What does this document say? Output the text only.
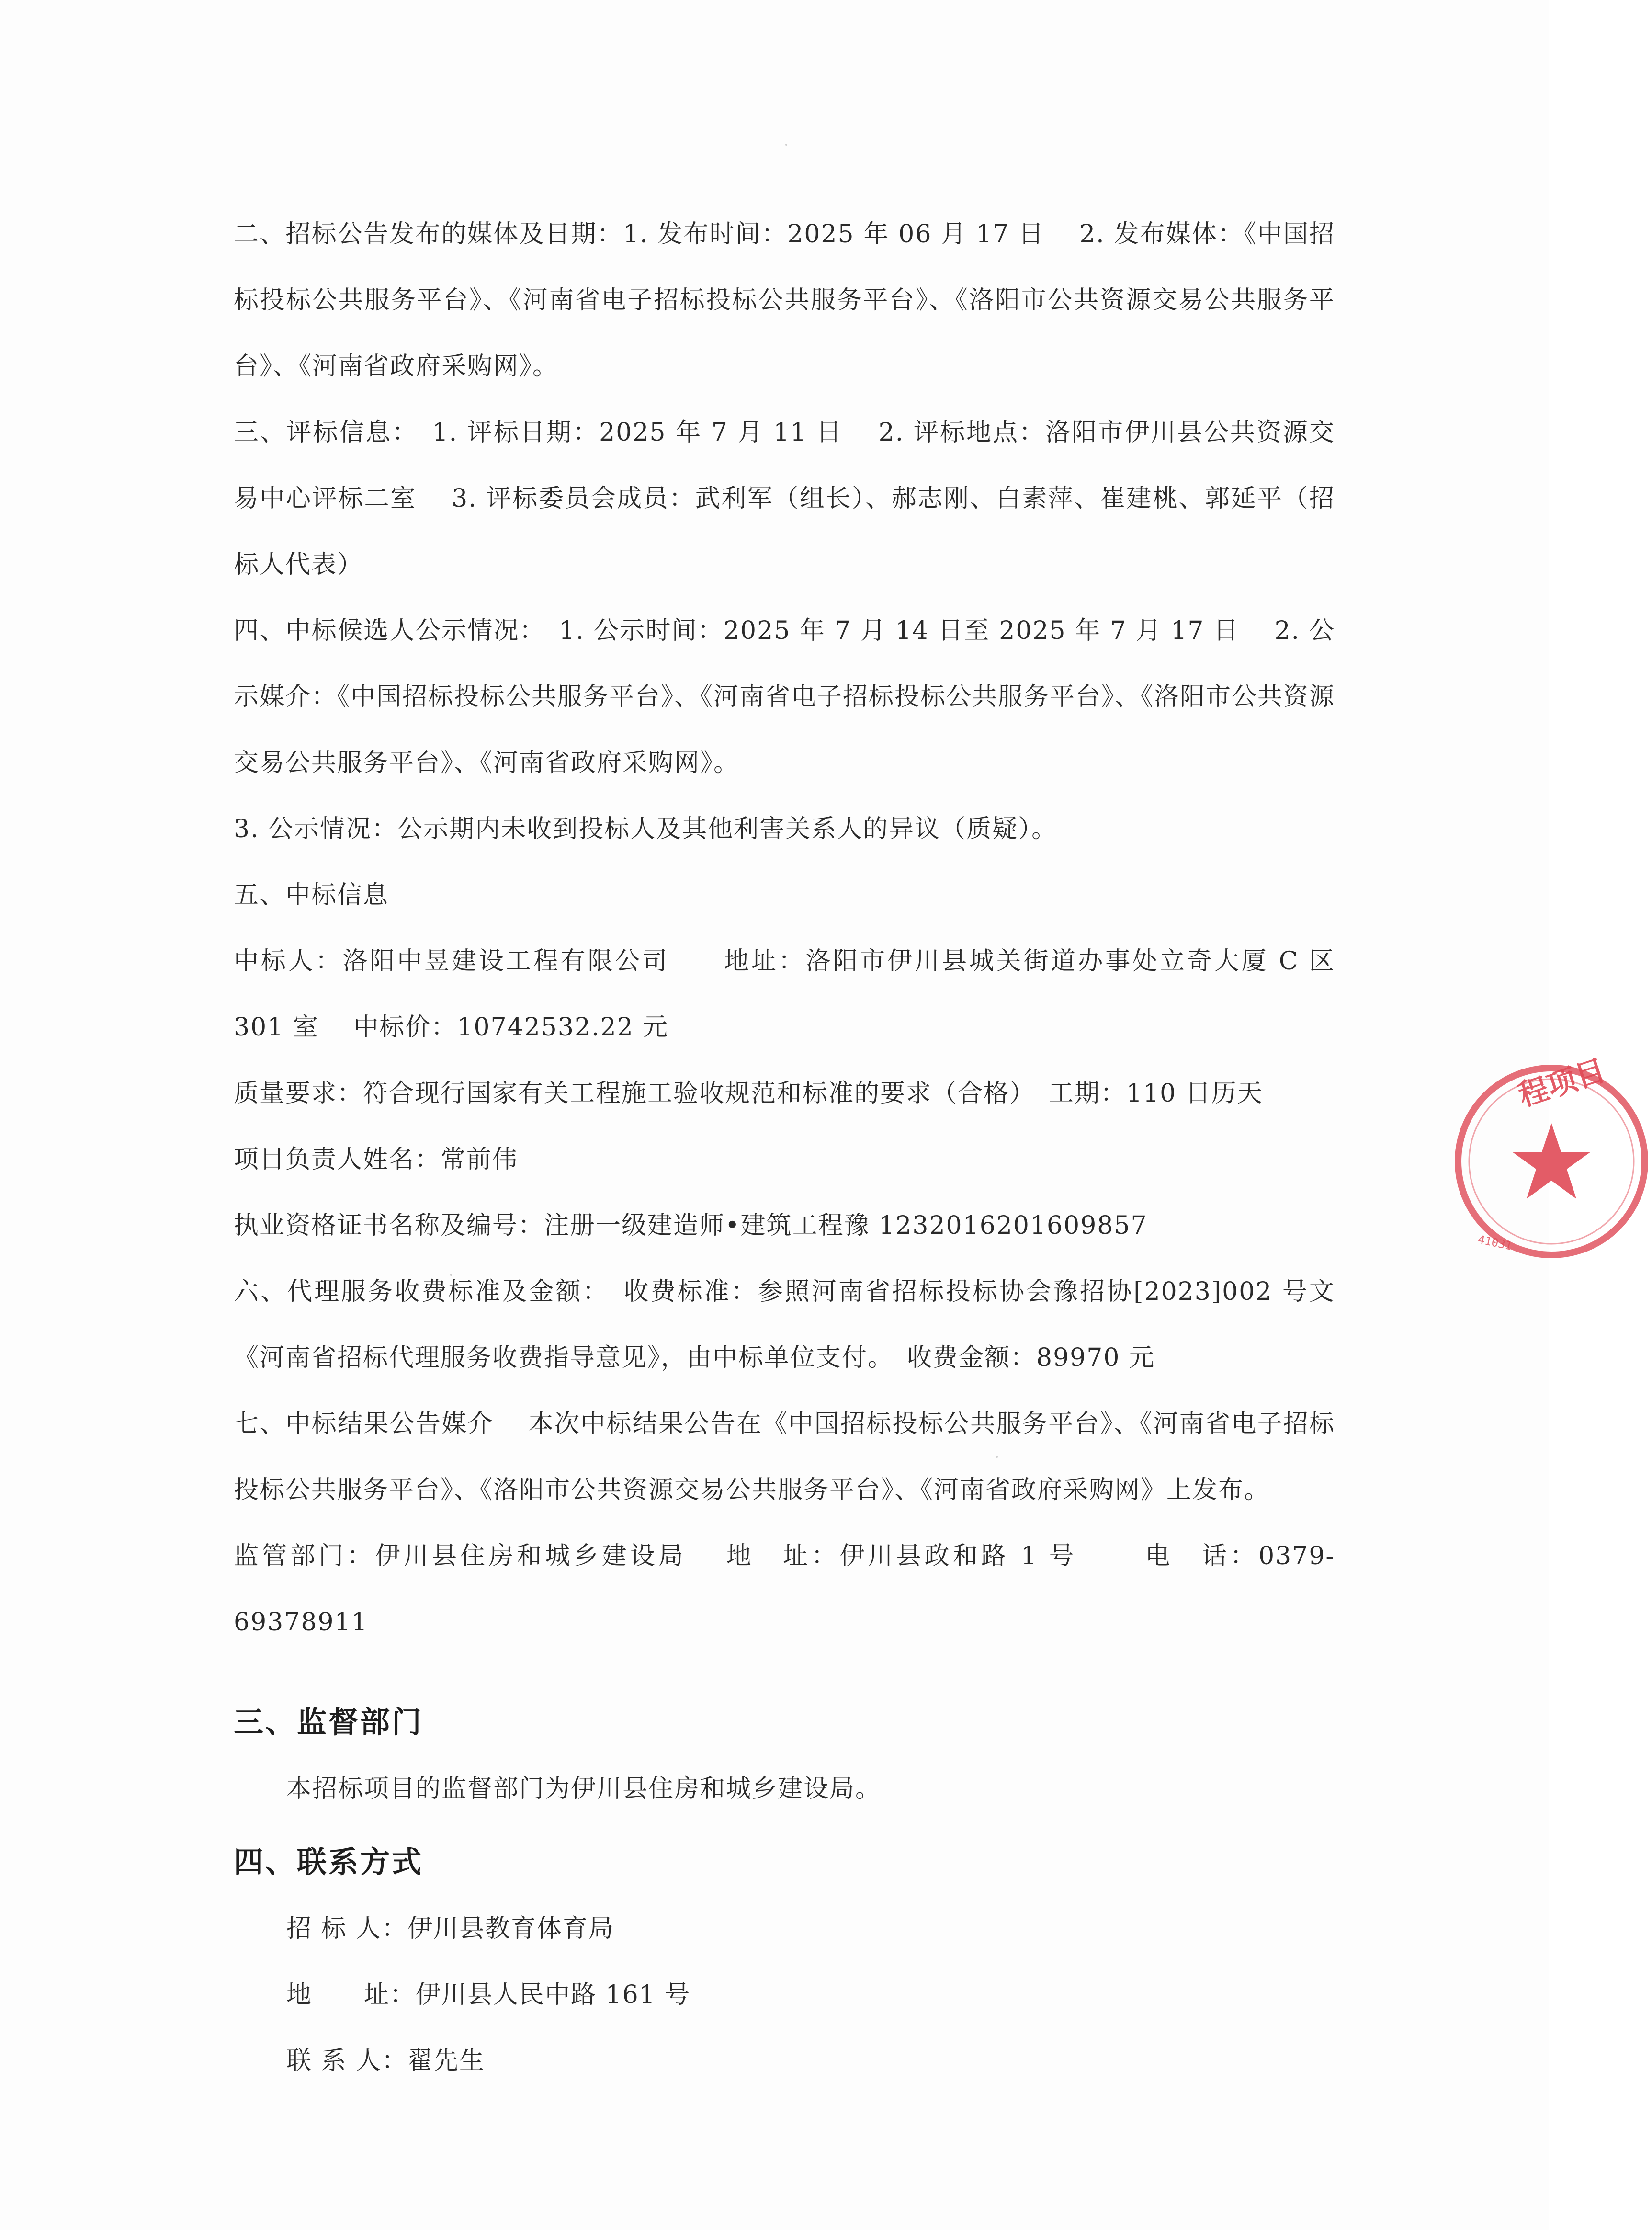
二、招标公告发布的媒体及日期：1. 发布时间：2025 年 06 月 17 日　 2. 发布媒体：《中国招标投标公共服务平台》、《河南省电子招标投标公共服务平台》、《洛阳市公共资源交易公共服务平台》、《河南省政府采购网》。

三、评标信息：　1. 评标日期：2025 年 7 月 11 日　 2. 评标地点：洛阳市伊川县公共资源交易中心评标二室　 3. 评标委员会成员：武利军（组长）、郝志刚、白素萍、崔建桃、郭延平（招标人代表）

四、中标候选人公示情况：　1. 公示时间：2025 年 7 月 14 日至 2025 年 7 月 17 日　 2. 公示媒介：《中国招标投标公共服务平台》、《河南省电子招标投标公共服务平台》、《洛阳市公共资源交易公共服务平台》、《河南省政府采购网》。

3. 公示情况：公示期内未收到投标人及其他利害关系人的异议（质疑）。

五、中标信息

中标人：洛阳中昱建设工程有限公司　　地址：洛阳市伊川县城关街道办事处立奇大厦 C 区 301 室　 中标价：10742532.22 元

质量要求：符合现行国家有关工程施工验收规范和标准的要求（合格）　工期：110 日历天

项目负责人姓名：常前伟

执业资格证书名称及编号：注册一级建造师•建筑工程豫 1232016201609857

六、代理服务收费标准及金额：　收费标准：参照河南省招标投标协会豫招协[2023]002 号文《河南省招标代理服务收费指导意见》，由中标单位支付。　收费金额：89970 元

七、中标结果公告媒介　 本次中标结果公告在《中国招标投标公共服务平台》、《河南省电子招标投标公共服务平台》、《洛阳市公共资源交易公共服务平台》、《河南省政府采购网》上发布。

监管部门：伊川县住房和城乡建设局　 地　址：伊川县政和路 1 号　　 电　话：0379-69378911

三、监督部门

本招标项目的监督部门为伊川县住房和城乡建设局。

四、联系方式

招 标 人：伊川县教育体育局

地　　址：伊川县人民中路 161 号

联 系 人：翟先生

程项目
41031
